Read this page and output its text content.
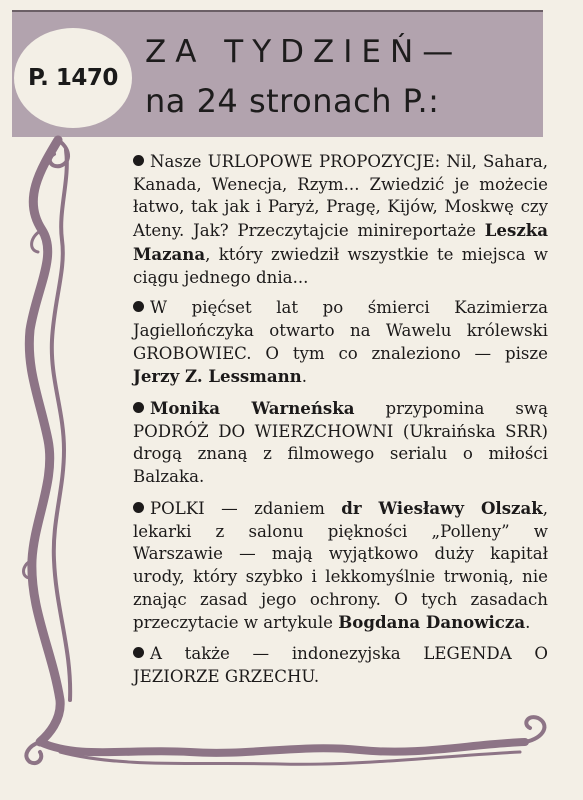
P. 1470
ZA TYDZIEŃ—
na 24 stronach P.:

Nasze URLOPOWE PROPOZYCJE: Nil, Sahara, Kanada, Wenecja, Rzym... Zwiedzić je możecie łatwo, tak jak i Paryż, Pragę, Kijów, Moskwę czy Ateny. Jak? Przeczytajcie minireportaże Leszka Mazana, który zwiedził wszystkie te miejsca w ciągu jednego dnia...

W pięćset lat po śmierci Kazimierza Jagiellończyka otwarto na Wawelu królewski GROBOWIEC. O tym co znaleziono — pisze Jerzy Z. Lessmann.

Monika Warneńska przypomina swą PODRÓŻ DO WIERZCHOWNI (Ukraińska SRR) drogą znaną z filmowego serialu o miłości Balzaka.

POLKI — zdaniem dr Wiesławy Olszak, lekarki z salonu piękności „Polleny” w Warszawie — mają wyjątkowo duży kapitał urody, który szybko i lekkomyślnie trwonią, nie znając zasad jego ochrony. O tych zasadach przeczytacie w artykule Bogdana Danowicza.

A także — indonezyjska LEGENDA O JEZIORZE GRZECHU.
